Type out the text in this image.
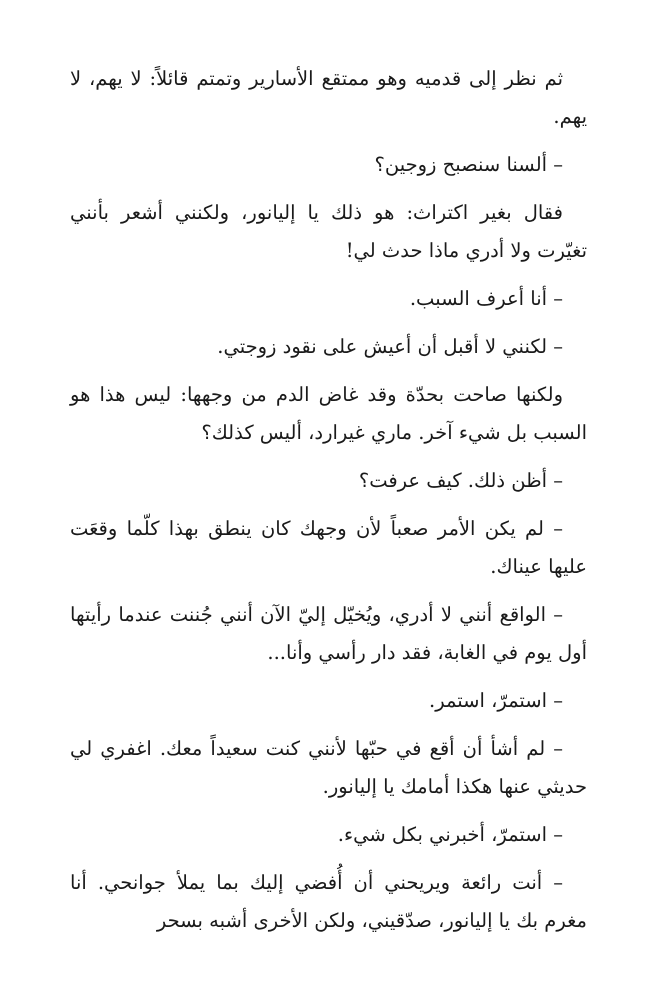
ثم نظر إلى قدميه وهو ممتقع الأسارير وتمتم قائلاً: لا يهم، لا يهم.

– ألسنا سنصبح زوجين؟

فقال بغير اكتراث: هو ذلك يا إليانور، ولكنني أشعر بأنني تغيّرت ولا أدري ماذا حدث لي!

– أنا أعرف السبب.

– لكنني لا أقبل أن أعيش على نقود زوجتي.

ولكنها صاحت بحدّة وقد غاض الدم من وجهها: ليس هذا هو السبب بل شيء آخر. ماري غيرارد، أليس كذلك؟

– أظن ذلك. كيف عرفت؟

– لم يكن الأمر صعباً لأن وجهك كان ينطق بهذا كلّما وقعَت عليها عيناك.

– الواقع أنني لا أدري، ويُخيّل إليّ الآن أنني جُننت عندما رأيتها أول يوم في الغابة، فقد دار رأسي وأنا...

– استمرّ، استمر.

– لم أشأ أن أقع في حبّها لأنني كنت سعيداً معك. اغفري لي حديثي عنها هكذا أمامك يا إليانور.

– استمرّ، أخبرني بكل شيء.

– أنت رائعة ويريحني أن أُفضي إليك بما يملأ جوانحي. أنا مغرم بك يا إليانور، صدّقيني، ولكن الأخرى أشبه بسحر
